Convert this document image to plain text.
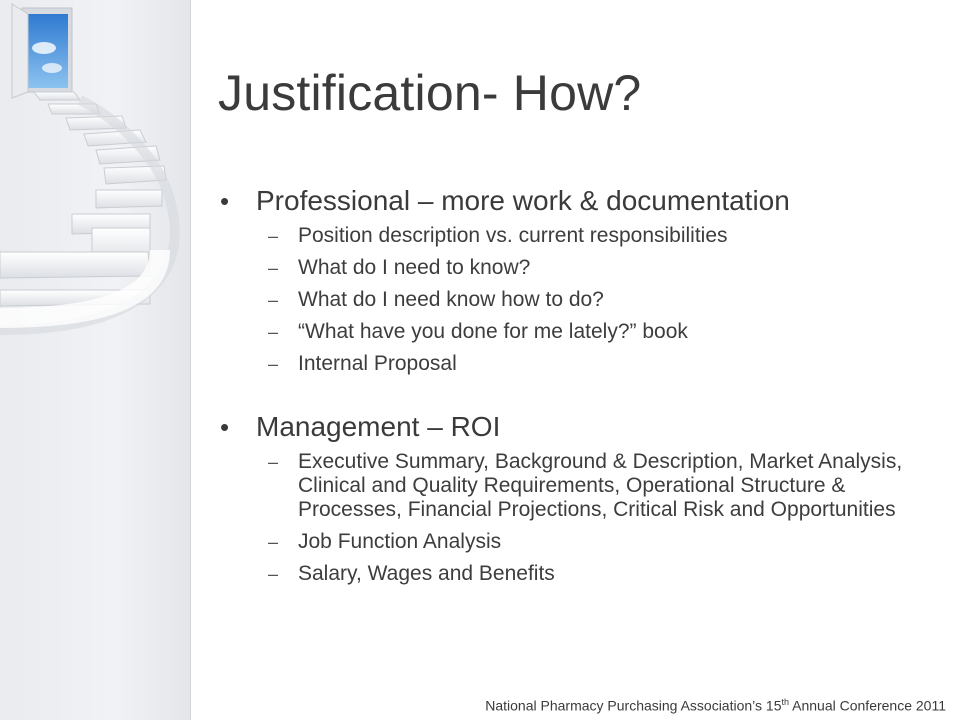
Justification- How?
• Professional – more work & documentation
– Position description vs. current responsibilities
– What do I need to know?
– What do I need know how to do?
– “What have you done for me lately?” book
– Internal Proposal
• Management – ROI
– Executive Summary, Background & Description, Market Analysis, Clinical and Quality Requirements, Operational Structure & Processes, Financial Projections, Critical Risk and Opportunities
– Job Function Analysis
– Salary, Wages and Benefits
National Pharmacy Purchasing Association’s 15th Annual Conference 2011
